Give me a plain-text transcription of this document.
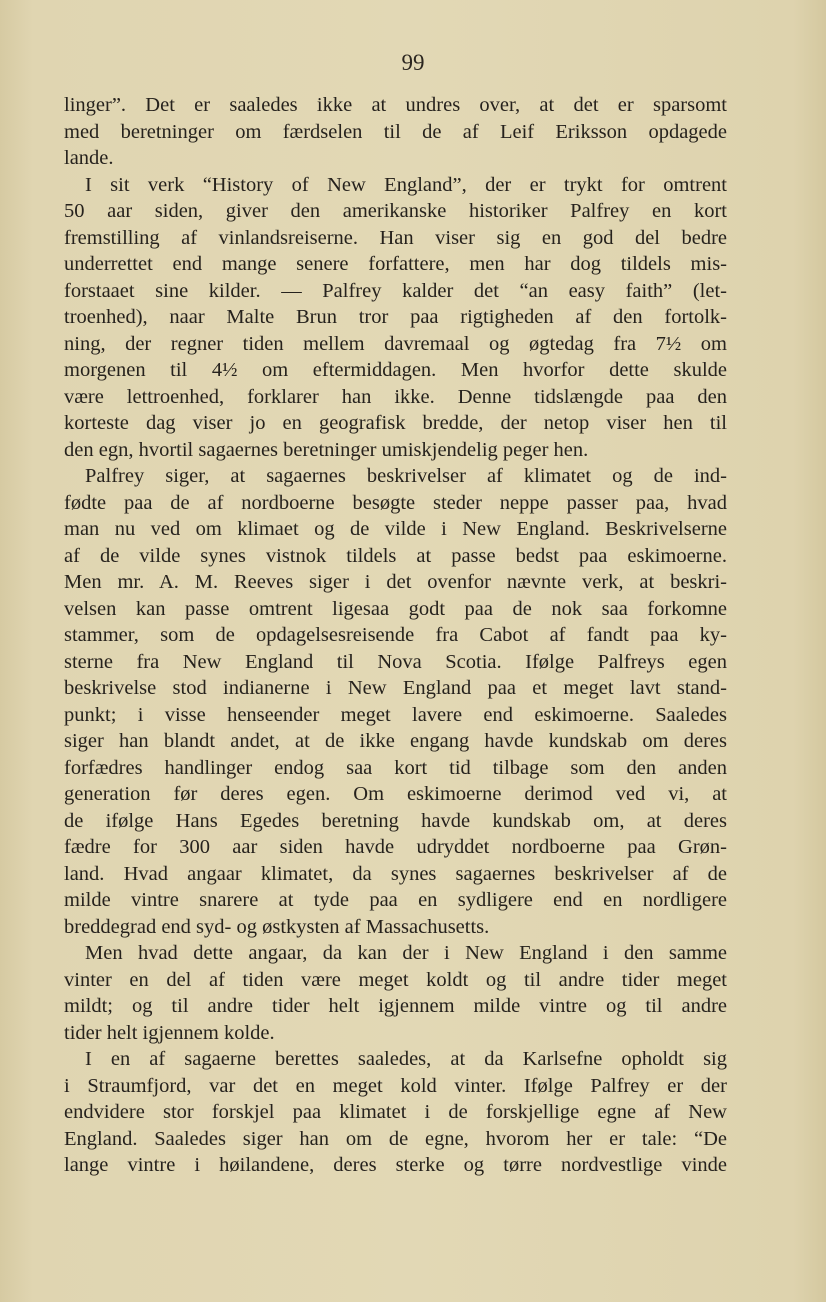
99
linger”. Det er saaledes ikke at undres over, at det er sparsomt
med beretninger om færdselen til de af Leif Eriksson opdagede
lande.
I sit verk “History of New England”, der er trykt for omtrent
50 aar siden, giver den amerikanske historiker Palfrey en kort
fremstilling af vinlandsreiserne. Han viser sig en god del bedre
underrettet end mange senere forfattere, men har dog tildels mis-
forstaaet sine kilder. — Palfrey kalder det “an easy faith” (let-
troenhed), naar Malte Brun tror paa rigtigheden af den fortolk-
ning, der regner tiden mellem davremaal og øgtedag fra 7½ om
morgenen til 4½ om eftermiddagen. Men hvorfor dette skulde
være lettroenhed, forklarer han ikke. Denne tidslængde paa den
korteste dag viser jo en geografisk bredde, der netop viser hen til
den egn, hvortil sagaernes beretninger umiskjendelig peger hen.
Palfrey siger, at sagaernes beskrivelser af klimatet og de ind-
fødte paa de af nordboerne besøgte steder neppe passer paa, hvad
man nu ved om klimaet og de vilde i New England. Beskrivelserne
af de vilde synes vistnok tildels at passe bedst paa eskimoerne.
Men mr. A. M. Reeves siger i det ovenfor nævnte verk, at beskri-
velsen kan passe omtrent ligesaa godt paa de nok saa forkomne
stammer, som de opdagelsesreisende fra Cabot af fandt paa ky-
sterne fra New England til Nova Scotia. Ifølge Palfreys egen
beskrivelse stod indianerne i New England paa et meget lavt stand-
punkt; i visse henseender meget lavere end eskimoerne. Saaledes
siger han blandt andet, at de ikke engang havde kundskab om deres
forfædres handlinger endog saa kort tid tilbage som den anden
generation før deres egen. Om eskimoerne derimod ved vi, at
de ifølge Hans Egedes beretning havde kundskab om, at deres
fædre for 300 aar siden havde udryddet nordboerne paa Grøn-
land. Hvad angaar klimatet, da synes sagaernes beskrivelser af de
milde vintre snarere at tyde paa en sydligere end en nordligere
breddegrad end syd- og østkysten af Massachusetts.
Men hvad dette angaar, da kan der i New England i den samme
vinter en del af tiden være meget koldt og til andre tider meget
mildt; og til andre tider helt igjennem milde vintre og til andre
tider helt igjennem kolde.
I en af sagaerne berettes saaledes, at da Karlsefne opholdt sig
i Straumfjord, var det en meget kold vinter. Ifølge Palfrey er der
endvidere stor forskjel paa klimatet i de forskjellige egne af New
England. Saaledes siger han om de egne, hvorom her er tale: “De
lange vintre i høilandene, deres sterke og tørre nordvestlige vinde
